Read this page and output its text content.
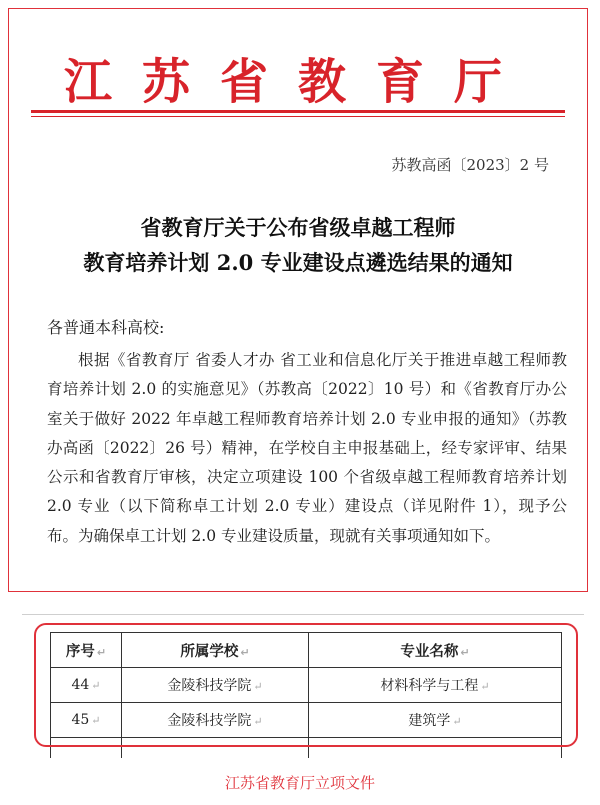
江苏省教育厅
苏教高函〔2023〕2 号
省教育厅关于公布省级卓越工程师
教育培养计划 2.0 专业建设点遴选结果的通知
各普通本科高校:
根据《省教育厅 省委人才办 省工业和信息化厅关于推进卓越工程师教育培养计划 2.0 的实施意见》（苏教高〔2022〕10 号）和《省教育厅办公室关于做好 2022 年卓越工程师教育培养计划 2.0 专业申报的通知》（苏教办高函〔2022〕26 号）精神，在学校自主申报基础上，经专家评审、结果公示和省教育厅审核，决定立项建设 100 个省级卓越工程师教育培养计划 2.0 专业（以下简称卓工计划 2.0 专业）建设点（详见附件 1），现予公布。为确保卓工计划 2.0 专业建设质量，现就有关事项通知如下。
序号 ↵	所属学校 ↵	专业名称 ↵
44 ↵	金陵科技学院 ↵	材料科学与工程 ↵
45 ↵	金陵科技学院 ↵	建筑学 ↵

江苏省教育厅立项文件
